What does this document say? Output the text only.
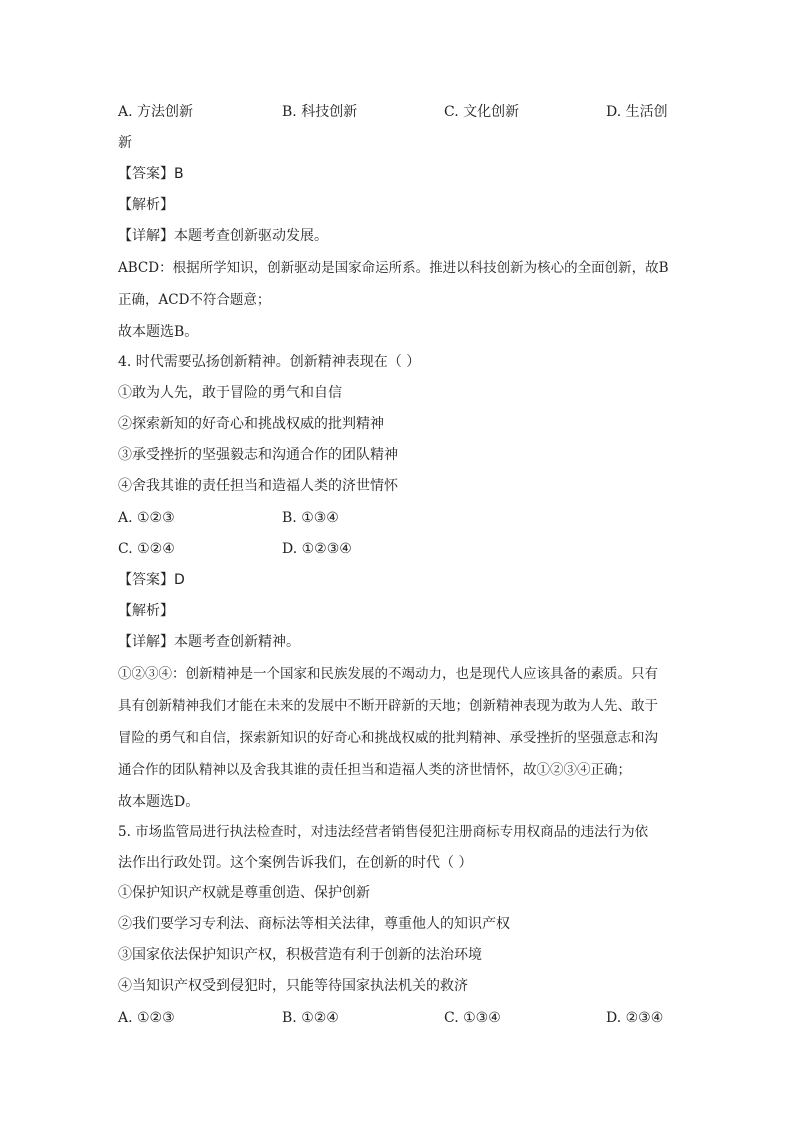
A. 方法创新	B. 科技创新	C. 文化创新	D. 生活创
新
【答案】B
【解析】
【详解】本题考查创新驱动发展。
ABCD：根据所学知识，创新驱动是国家命运所系。推进以科技创新为核心的全面创新，故B
正确，ACD不符合题意；
故本题选B。
4. 时代需要弘扬创新精神。创新精神表现在（ ）
①敢为人先，敢于冒险的勇气和自信
②探索新知的好奇心和挑战权威的批判精神
③承受挫折的坚强毅志和沟通合作的团队精神
④舍我其谁的责任担当和造福人类的济世情怀
A. ①②③	B. ①③④
C. ①②④	D. ①②③④
【答案】D
【解析】
【详解】本题考查创新精神。
①②③④：创新精神是一个国家和民族发展的不竭动力，也是现代人应该具备的素质。只有
具有创新精神我们才能在未来的发展中不断开辟新的天地；创新精神表现为敢为人先、敢于
冒险的勇气和自信，探索新知识的好奇心和挑战权威的批判精神、承受挫折的坚强意志和沟
通合作的团队精神以及舍我其谁的责任担当和造福人类的济世情怀，故①②③④正确；
故本题选D。
5. 市场监管局进行执法检查时，对违法经营者销售侵犯注册商标专用权商品的违法行为依
法作出行政处罚。这个案例告诉我们，在创新的时代（ ）
①保护知识产权就是尊重创造、保护创新
②我们要学习专利法、商标法等相关法律，尊重他人的知识产权
③国家依法保护知识产权，积极营造有利于创新的法治环境
④当知识产权受到侵犯时，只能等待国家执法机关的救济
A. ①②③	B. ①②④	C. ①③④	D. ②③④
